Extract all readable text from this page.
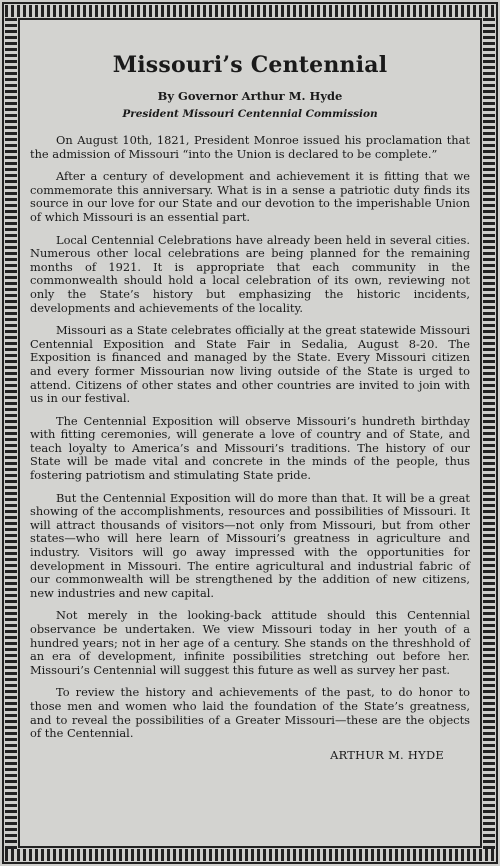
Missouri’s Centennial
By Governor Arthur M. Hyde
President Missouri Centennial Commission

On August 10th, 1821, President Monroe issued his proclamation that the admission of Missouri “into the Union is declared to be complete.”

After a century of development and achievement it is fitting that we commemorate this anniversary. What is in a sense a patriotic duty finds its source in our love for our State and our devotion to the imperishable Union of which Missouri is an essential part.

Local Centennial Celebrations have already been held in several cities. Numerous other local celebrations are being planned for the remaining months of 1921. It is appropriate that each community in the commonwealth should hold a local celebration of its own, reviewing not only the State’s history but emphasizing the historic incidents, developments and achievements of the locality.

Missouri as a State celebrates officially at the great statewide Missouri Centennial Exposition and State Fair in Sedalia, August 8-20. The Exposition is financed and managed by the State. Every Missouri citizen and every former Missourian now living outside of the State is urged to attend. Citizens of other states and other countries are invited to join with us in our festival.

The Centennial Exposition will observe Missouri’s hundreth birthday with fitting ceremonies, will generate a love of country and of State, and teach loyalty to America’s and Missouri’s traditions. The history of our State will be made vital and concrete in the minds of the people, thus fostering patriotism and stimulating State pride.

But the Centennial Exposition will do more than that. It will be a great showing of the accomplishments, resources and possibilities of Missouri. It will attract thousands of visitors—not only from Missouri, but from other states—who will here learn of Missouri’s greatness in agriculture and industry. Visitors will go away impressed with the opportunities for development in Missouri. The entire agricultural and industrial fabric of our commonwealth will be strengthened by the addition of new citizens, new industries and new capital.

Not merely in the looking-back attitude should this Centennial observance be undertaken. We view Missouri today in her youth of a hundred years; not in her age of a century. She stands on the threshhold of an era of development, infinite possibilities stretching out before her. Missouri’s Centennial will suggest this future as well as survey her past.

To review the history and achievements of the past, to do honor to those men and women who laid the foundation of the State’s greatness, and to reveal the possibilities of a Greater Missouri—these are the objects of the Centennial.

ARTHUR M. HYDE
